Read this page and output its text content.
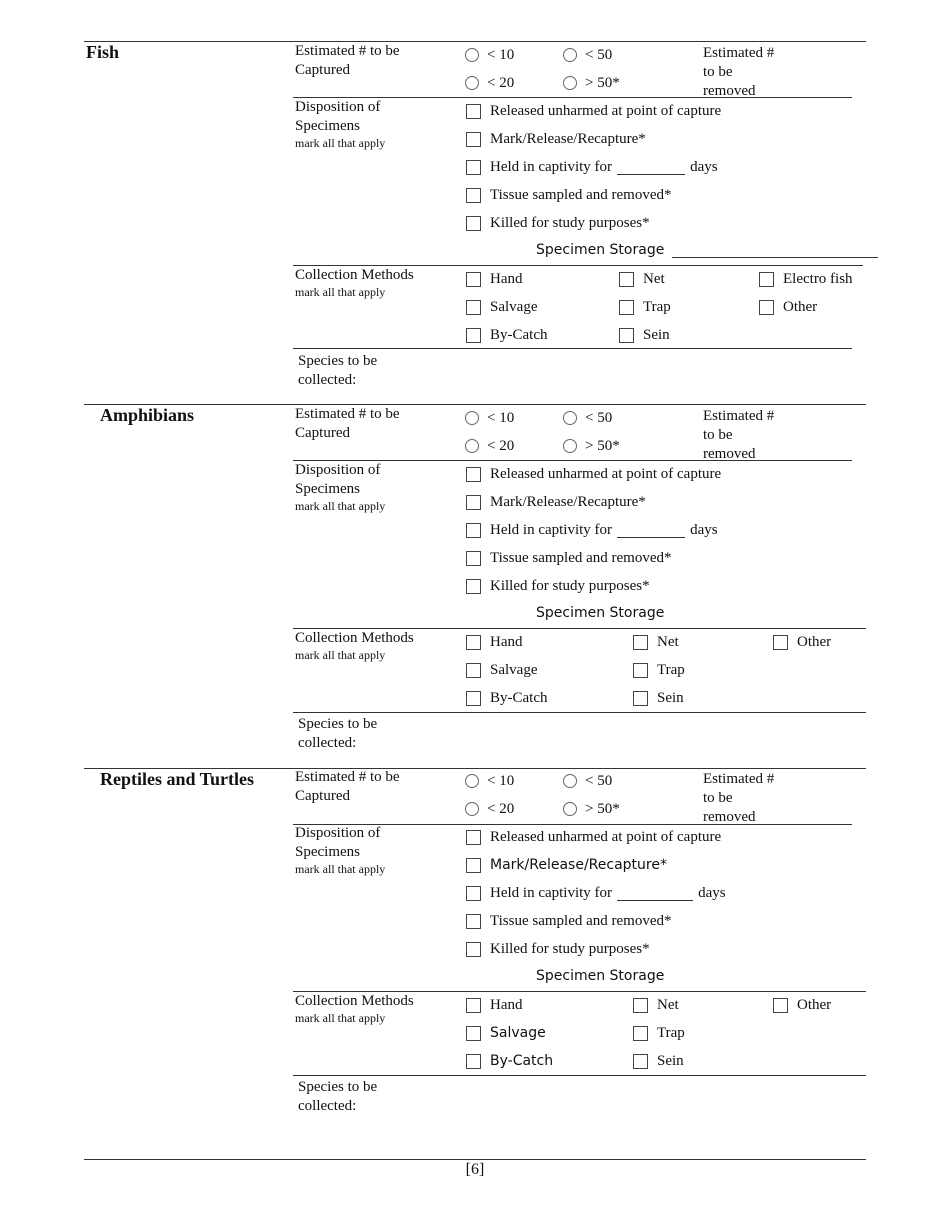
Fish	Estimated # to be Captured
< 10	< 50
< 20	> 50*
Estimated # to be removed
Disposition of Specimens
mark all that apply
Released unharmed at point of capture
Mark/Release/Recapture*
Held in captivity for	days
Tissue sampled and removed*
Killed for study purposes*
Specimen Storage
Collection Methods
mark all that apply
Hand	Net	Electro fish
Salvage	Trap	Other
By-Catch	Sein
Species to be collected:
Amphibians	Estimated # to be Captured
< 10	< 50
< 20	> 50*
Estimated # to be removed
Disposition of Specimens
mark all that apply
Released unharmed at point of capture
Mark/Release/Recapture*
Held in captivity for	days
Tissue sampled and removed*
Killed for study purposes*
Specimen Storage
Collection Methods
mark all that apply
Hand	Net	Other
Salvage	Trap
By-Catch	Sein
Species to be collected:
Reptiles and Turtles	Estimated # to be Captured
< 10	< 50
< 20	> 50*
Estimated # to be removed
Disposition of Specimens
mark all that apply
Released unharmed at point of capture
Mark/Release/Recapture*
Held in captivity for	days
Tissue sampled and removed*
Killed for study purposes*
Specimen Storage
Collection Methods
mark all that apply
Hand	Net	Other
Salvage	Trap
By-Catch	Sein
Species to be collected:
[6]
